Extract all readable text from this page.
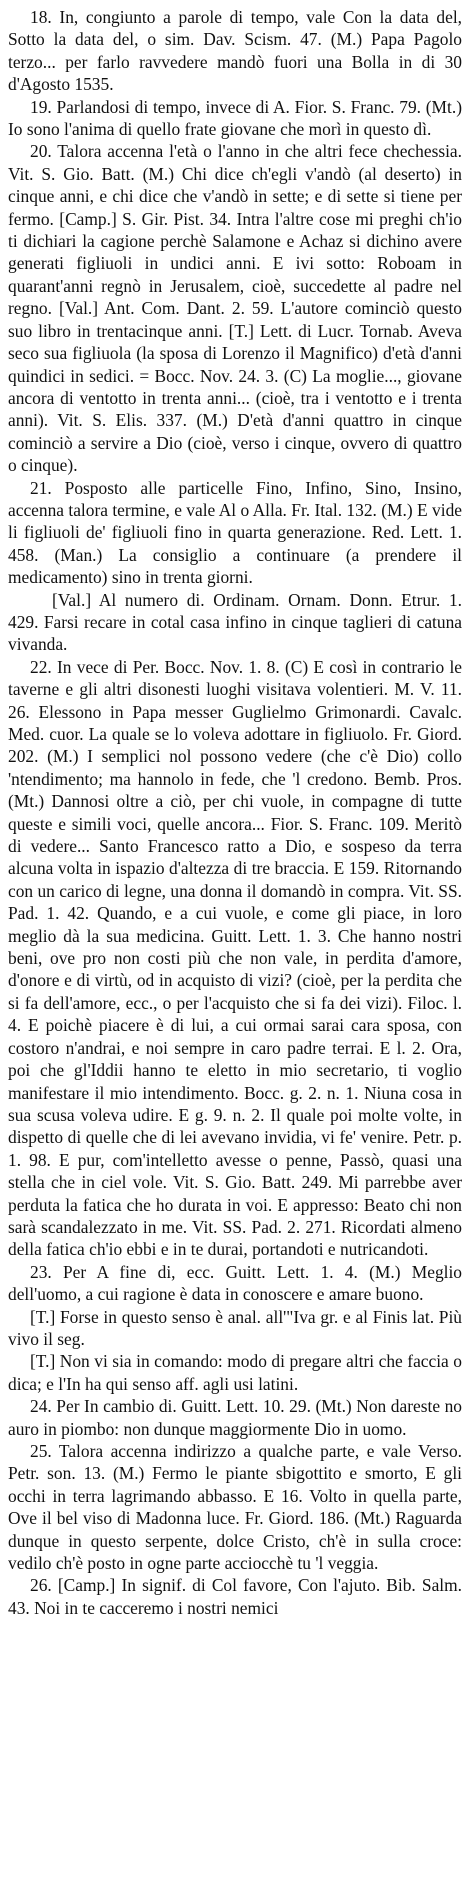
18. In, congiunto a parole di tempo, vale Con la data del, Sotto la data del, o sim. Dav. Scism. 47. (M.) Papa Pagolo terzo... per farlo ravvedere mandò fuori una Bolla in di 30 d'Agosto 1535.

19. Parlandosi di tempo, invece di A. Fior. S. Franc. 79. (Mt.) Io sono l'anima di quello frate giovane che morì in questo dì.

20. Talora accenna l'età o l'anno in che altri fece chechessia. Vit. S. Gio. Batt. (M.) Chi dice ch'egli v'andò (al deserto) in cinque anni, e chi dice che v'andò in sette; e di sette si tiene per fermo. [Camp.] S. Gir. Pist. 34. Intra l'altre cose mi preghi ch'io ti dichiari la cagione perchè Salamone e Achaz si dichino avere generati figliuoli in undici anni. E ivi sotto: Roboam in quarant'anni regnò in Jerusalem, cioè, succedette al padre nel regno. [Val.] Ant. Com. Dant. 2. 59. L'autore cominciò questo suo libro in trentacinque anni. [T.] Lett. di Lucr. Tornab. Aveva seco sua figliuola (la sposa di Lorenzo il Magnifico) d'età d'anni quindici in sedici. = Bocc. Nov. 24. 3. (C) La moglie..., giovane ancora di ventotto in trenta anni... (cioè, tra i ventotto e i trenta anni). Vit. S. Elis. 337. (M.) D'età d'anni quattro in cinque cominciò a servire a Dio (cioè, verso i cinque, ovvero di quattro o cinque).

21. Posposto alle particelle Fino, Infino, Sino, Insino, accenna talora termine, e vale Al o Alla. Fr. Ital. 132. (M.) E vide li figliuoli de' figliuoli fino in quarta generazione. Red. Lett. 1. 458. (Man.) La consiglio a continuare (a prendere il medicamento) sino in trenta giorni.

[Val.] Al numero di. Ordinam. Ornam. Donn. Etrur. 1. 429. Farsi recare in cotal casa infino in cinque taglieri di catuna vivanda.

22. In vece di Per. Bocc. Nov. 1. 8. (C) E così in contrario le taverne e gli altri disonesti luoghi visitava volentieri. M. V. 11. 26. Elessono in Papa messer Guglielmo Grimonardi. Cavalc. Med. cuor. La quale se lo voleva adottare in figliuolo. Fr. Giord. 202. (M.) I semplici nol possono vedere (che c'è Dio) collo 'ntendimento; ma hannolo in fede, che 'l credono. Bemb. Pros. (Mt.) Dannosi oltre a ciò, per chi vuole, in compagne di tutte queste e simili voci, quelle ancora... Fior. S. Franc. 109. Meritò di vedere... Santo Francesco ratto a Dio, e sospeso da terra alcuna volta in ispazio d'altezza di tre braccia. E 159. Ritornando con un carico di legne, una donna il domandò in compra. Vit. SS. Pad. 1. 42. Quando, e a cui vuole, e come gli piace, in loro meglio dà la sua medicina. Guitt. Lett. 1. 3. Che hanno nostri beni, ove pro non costi più che non vale, in perdita d'amore, d'onore e di virtù, od in acquisto di vizi? (cioè, per la perdita che si fa dell'amore, ecc., o per l'acquisto che si fa dei vizi). Filoc. l. 4. E poichè piacere è di lui, a cui ormai sarai cara sposa, con costoro n'andrai, e noi sempre in caro padre terrai. E l. 2. Ora, poi che gl'Iddii hanno te eletto in mio secretario, ti voglio manifestare il mio intendimento. Bocc. g. 2. n. 1. Niuna cosa in sua scusa voleva udire. E g. 9. n. 2. Il quale poi molte volte, in dispetto di quelle che di lei avevano invidia, vi fe' venire. Petr. p. 1. 98. E pur, com'intelletto avesse o penne, Passò, quasi una stella che in ciel vole. Vit. S. Gio. Batt. 249. Mi parrebbe aver perduta la fatica che ho durata in voi. E appresso: Beato chi non sarà scandalezzato in me. Vit. SS. Pad. 2. 271. Ricordati almeno della fatica ch'io ebbi e in te durai, portandoti e nutricandoti.

23. Per A fine di, ecc. Guitt. Lett. 1. 4. (M.) Meglio dell'uomo, a cui ragione è data in conoscere e amare buono.

[T.] Forse in questo senso è anal. all'"Iva gr. e al Finis lat. Più vivo il seg.

[T.] Non vi sia in comando: modo di pregare altri che faccia o dica; e l'In ha qui senso aff. agli usi latini.

24. Per In cambio di. Guitt. Lett. 10. 29. (Mt.) Non dareste no auro in piombo: non dunque maggiormente Dio in uomo.

25. Talora accenna indirizzo a qualche parte, e vale Verso. Petr. son. 13. (M.) Fermo le piante sbigottito e smorto, E gli occhi in terra lagrimando abbasso. E 16. Volto in quella parte, Ove il bel viso di Madonna luce. Fr. Giord. 186. (Mt.) Raguarda dunque in questo serpente, dolce Cristo, ch'è in sulla croce: vedilo ch'è posto in ogne parte acciocchè tu 'l veggia.

26. [Camp.] In signif. di Col favore, Con l'ajuto. Bib. Salm. 43. Noi in te cacceremo i nostri nemici
